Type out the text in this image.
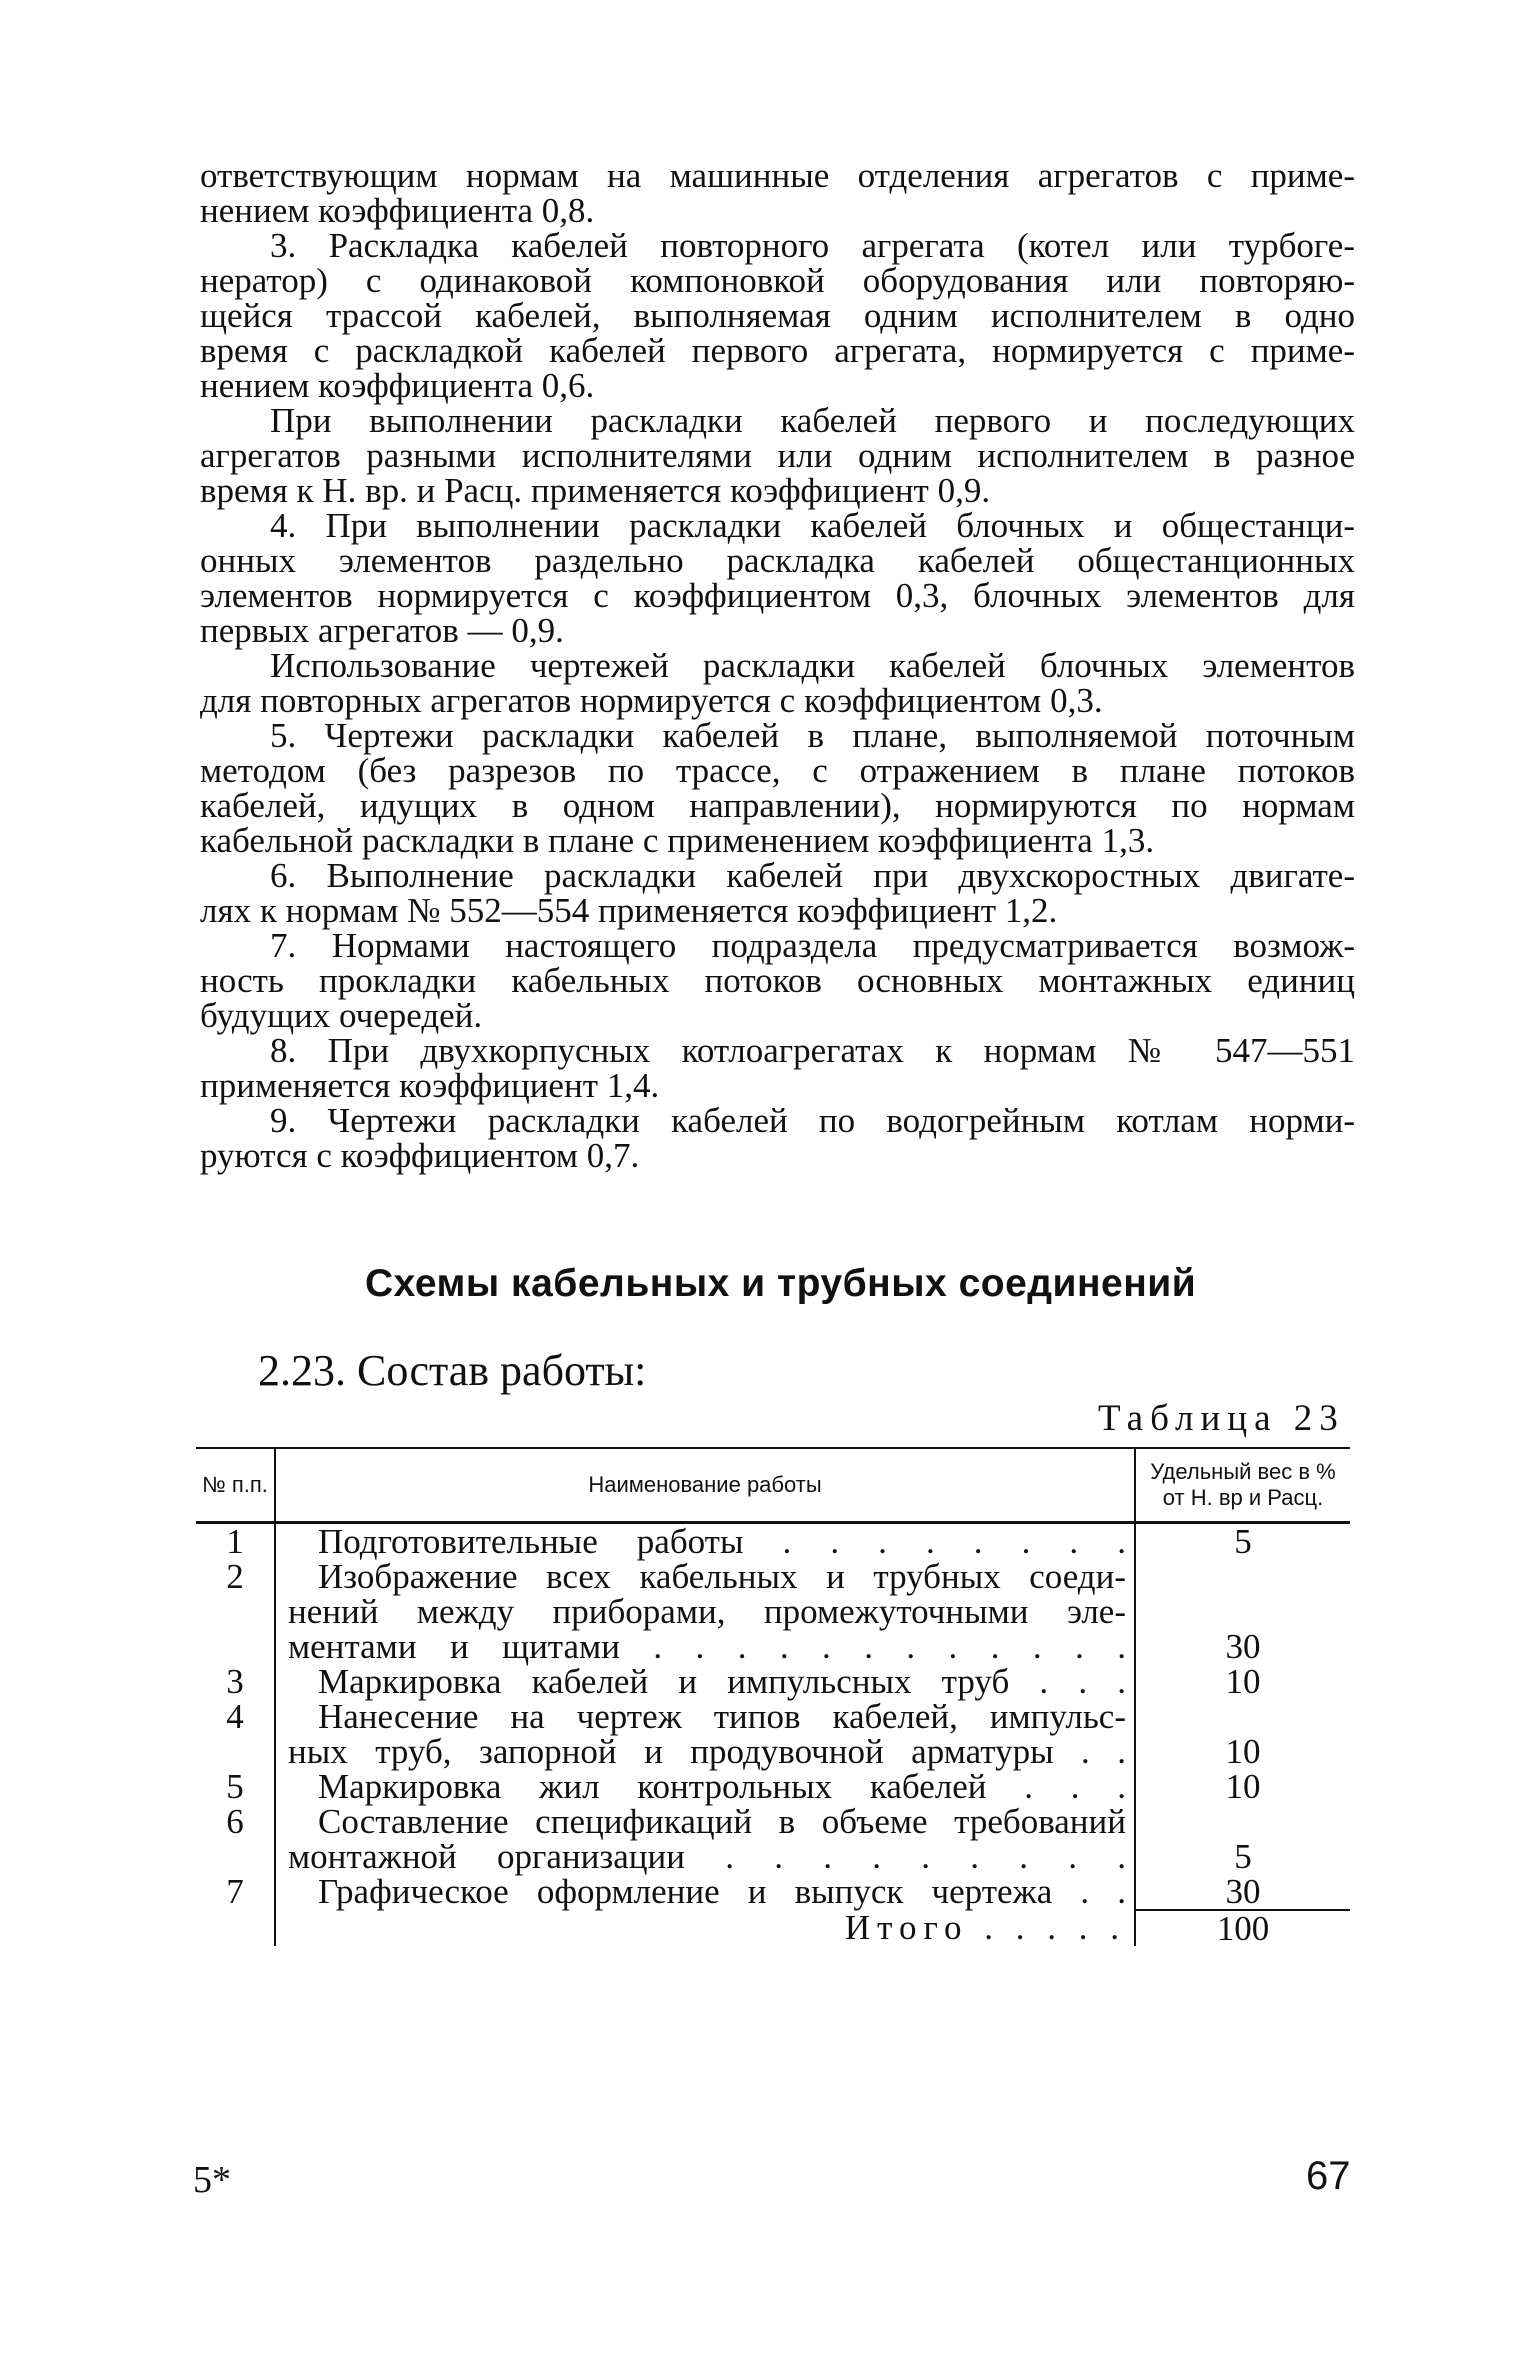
ответствующим нормам на машинные отделения агрегатов с приме-
нением коэффициента 0,8.
3. Раскладка кабелей повторного агрегата (котел или турбоге-
нератор) с одинаковой компоновкой оборудования или повторяю-
щейся трассой кабелей, выполняемая одним исполнителем в одно
время с раскладкой кабелей первого агрегата, нормируется с приме-
нением коэффициента 0,6.
При выполнении раскладки кабелей первого и последующих
агрегатов разными исполнителями или одним исполнителем в разное
время к Н. вр. и Расц. применяется коэффициент 0,9.
4. При выполнении раскладки кабелей блочных и общестанци-
онных элементов раздельно раскладка кабелей общестанционных
элементов нормируется с коэффициентом 0,3, блочных элементов для
первых агрегатов — 0,9.
Использование чертежей раскладки кабелей блочных элементов
для повторных агрегатов нормируется с коэффициентом 0,3.
5. Чертежи раскладки кабелей в плане, выполняемой поточным
методом (без разрезов по трассе, с отражением в плане потоков
кабелей, идущих в одном направлении), нормируются по нормам
кабельной раскладки в плане с применением коэффициента 1,3.
6. Выполнение раскладки кабелей при двухскоростных двигате-
лях к нормам № 552—554 применяется коэффициент 1,2.
7. Нормами настоящего подраздела предусматривается возмож-
ность прокладки кабельных потоков основных монтажных единиц
будущих очередей.
8. При двухкорпусных котлоагрегатах к нормам № 547—551
применяется коэффициент 1,4.
9. Чертежи раскладки кабелей по водогрейным котлам норми-
руются с коэффициентом 0,7.
Схемы кабельных и трубных соединений
2.23. Состав работы:
Таблица 23
№ п.п.	Наименование работы	Удельный вес в % от Н. вр и Расц.
1	Подготовительные работы . . . . . . . .	5
2	Изображение всех кабельных и трубных соеди-
нений между приборами, промежуточными эле-
ментами и щитами . . . . . . . . . . . .	30
3	Маркировка кабелей и импульсных труб . . .	10
4	Нанесение на чертеж типов кабелей, импульс-
ных труб, запорной и продувочной арматуры . .	10
5	Маркировка жил контрольных кабелей . . .	10
6	Составление спецификаций в объеме требований
монтажной организации . . . . . . . . .	5
7	Графическое оформление и выпуск чертежа . .	30
	Итого . . . . .	100
5*	67
